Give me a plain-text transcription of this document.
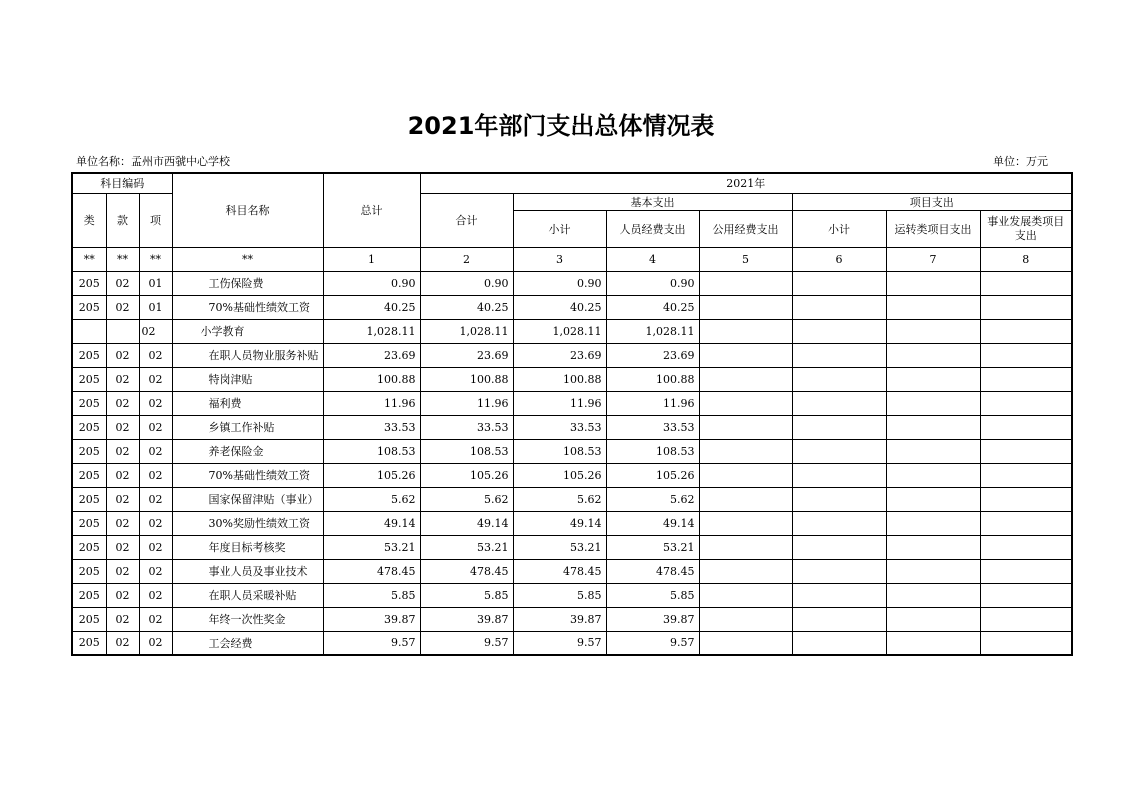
2021年部门支出总体情况表
单位名称：孟州市西虢中心学校	单位：万元
科目编码			科目名称	总计	2021年						
类	款	项			合计	基本支出			项目支出		
						小计	人员经费支出	公用经费支出	小计	运转类项目支出	事业发展类项目支出
**	**	**	**	1	2	3	4	5	6	7	8
205	02	01	工伤保险费	0.90	0.90	0.90	0.90				
205	02	01	70%基础性绩效工资	40.25	40.25	40.25	40.25				
		02	小学教育	1,028.11	1,028.11	1,028.11	1,028.11				
205	02	02	在职人员物业服务补贴	23.69	23.69	23.69	23.69				
205	02	02	特岗津贴	100.88	100.88	100.88	100.88				
205	02	02	福利费	11.96	11.96	11.96	11.96				
205	02	02	乡镇工作补贴	33.53	33.53	33.53	33.53				
205	02	02	养老保险金	108.53	108.53	108.53	108.53				
205	02	02	70%基础性绩效工资	105.26	105.26	105.26	105.26				
205	02	02	国家保留津贴（事业）	5.62	5.62	5.62	5.62				
205	02	02	30%奖励性绩效工资	49.14	49.14	49.14	49.14				
205	02	02	年度目标考核奖	53.21	53.21	53.21	53.21				
205	02	02	事业人员及事业技术	478.45	478.45	478.45	478.45				
205	02	02	在职人员采暖补贴	5.85	5.85	5.85	5.85				
205	02	02	年终一次性奖金	39.87	39.87	39.87	39.87				
205	02	02	工会经费	9.57	9.57	9.57	9.57				
